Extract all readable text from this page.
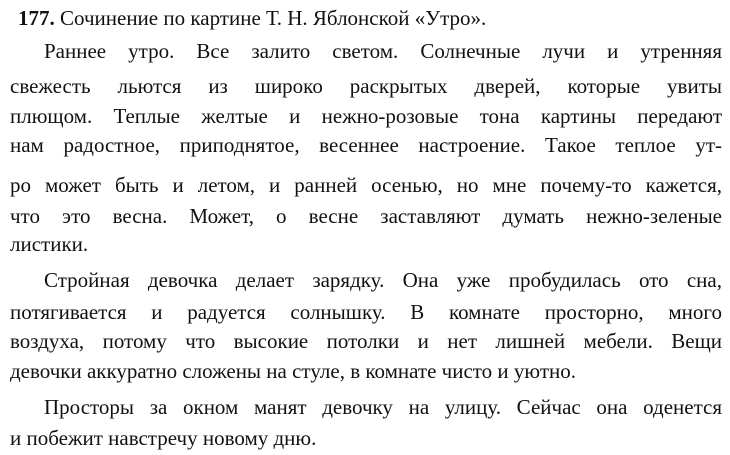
177. Сочинение по картине Т. Н. Яблонской «Утро».
Раннее утро. Все залито светом. Солнечные лучи и утренняя
свежесть льются из широко раскрытых дверей, которые увиты
плющом. Теплые желтые и нежно-розовые тона картины передают
нам радостное, приподнятое, весеннее настроение. Такое теплое ут-
ро может быть и летом, и ранней осенью, но мне почему-то кажется,
что это весна. Может, о весне заставляют думать нежно-зеленые
листики.
Стройная девочка делает зарядку. Она уже пробудилась ото сна,
потягивается и радуется солнышку. В комнате просторно, много
воздуха, потому что высокие потолки и нет лишней мебели. Вещи
девочки аккуратно сложены на стуле, в комнате чисто и уютно.
Просторы за окном манят девочку на улицу. Сейчас она оденется
и побежит навстречу новому дню.
